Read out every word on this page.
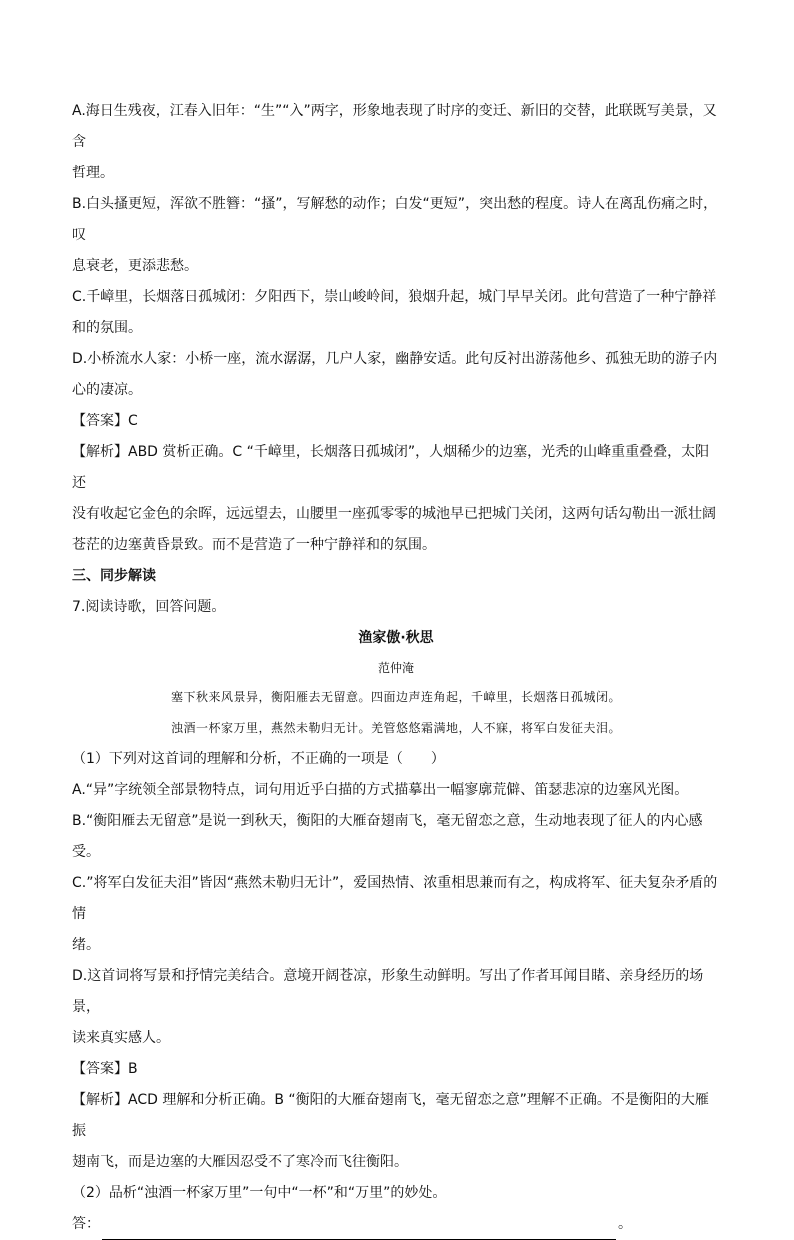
A.海日生残夜，江春入旧年：“生”“入”两字，形象地表现了时序的变迁、新旧的交替，此联既写美景，又含

哲理。

B.白头搔更短，浑欲不胜簪：“搔”，写解愁的动作；白发“更短”，突出愁的程度。诗人在离乱伤痛之时，叹

息衰老，更添悲愁。

C.千嶂里，长烟落日孤城闭：夕阳西下，崇山峻岭间，狼烟升起，城门早早关闭。此句营造了一种宁静祥

和的氛围。

D.小桥流水人家：小桥一座，流水潺潺，几户人家，幽静安适。此句反衬出游荡他乡、孤独无助的游子内

心的凄凉。

【答案】C

【解析】ABD 赏析正确。C “千嶂里，长烟落日孤城闭”，人烟稀少的边塞，光秃的山峰重重叠叠，太阳还

没有收起它金色的余晖，远远望去，山腰里一座孤零零的城池早已把城门关闭，这两句话勾勒出一派壮阔

苍茫的边塞黄昏景致。而不是营造了一种宁静祥和的氛围。

三、同步解读

7.阅读诗歌，回答问题。

渔家傲·秋思

范仲淹

塞下秋来风景异，衡阳雁去无留意。四面边声连角起，千嶂里，长烟落日孤城闭。

浊酒一杯家万里，燕然未勒归无计。羌管悠悠霜满地，人不寐，将军白发征夫泪。

（1）下列对这首词的理解和分析，不正确的一项是（　　）

A.“异”字统领全部景物特点，词句用近乎白描的方式描摹出一幅寥廓荒僻、笛瑟悲凉的边塞风光图。

B.“衡阳雁去无留意”是说一到秋天，衡阳的大雁奋翅南飞，毫无留恋之意，生动地表现了征人的内心感受。

C.”将军白发征夫泪”皆因“燕然未勒归无计”，爱国热情、浓重相思兼而有之，构成将军、征夫复杂矛盾的情

绪。

D.这首词将写景和抒情完美结合。意境开阔苍凉，形象生动鲜明。写出了作者耳闻目睹、亲身经历的场景，

读来真实感人。

【答案】B

【解析】ACD 理解和分析正确。B “衡阳的大雁奋翅南飞，毫无留恋之意”理解不正确。不是衡阳的大雁振

翅南飞，而是边塞的大雁因忍受不了寒冷而飞往衡阳。

（2）品析“浊酒一杯家万里”一句中“一杯”和“万里”的妙处。

答：	。
